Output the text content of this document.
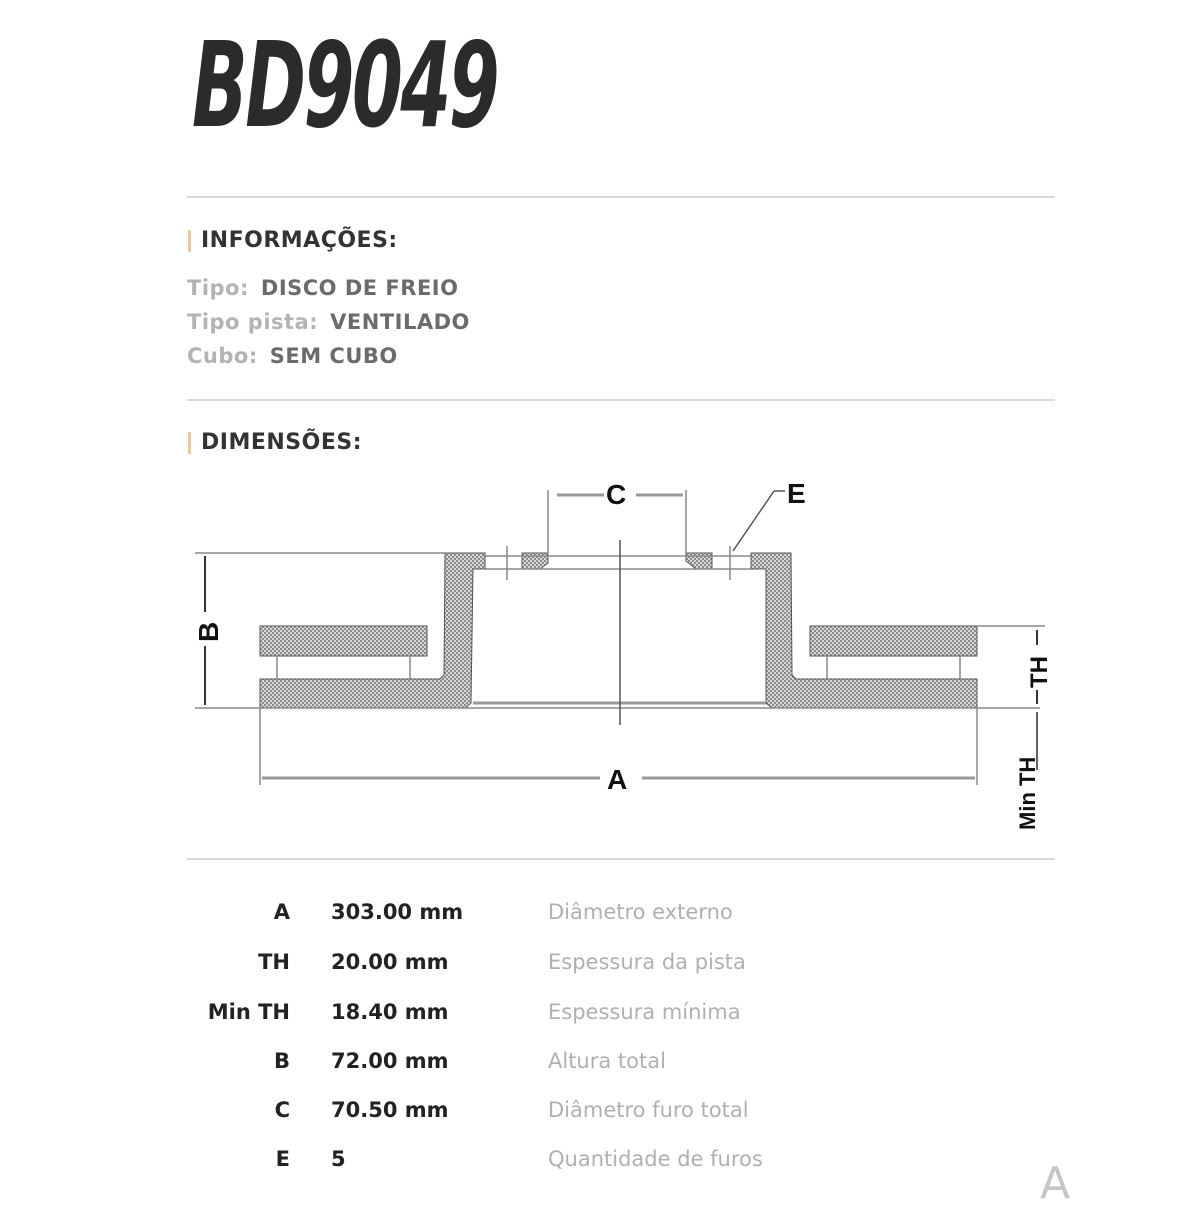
BD9049
INFORMAÇÕES:
Tipo: DISCO DE FREIO
Tipo pista: VENTILADO
Cubo: SEM CUBO
DIMENSÕES:
C	E
A
B
TH
Min TH
A 303.00 mm	Diâmetro externo
TH 20.00 mm	Espessura da pista
Min TH 18.40 mm	Espessura mínima
B 72.00 mm	Altura total
C 70.50 mm	Diâmetro furo total
E 5	Quantidade de furos	A
